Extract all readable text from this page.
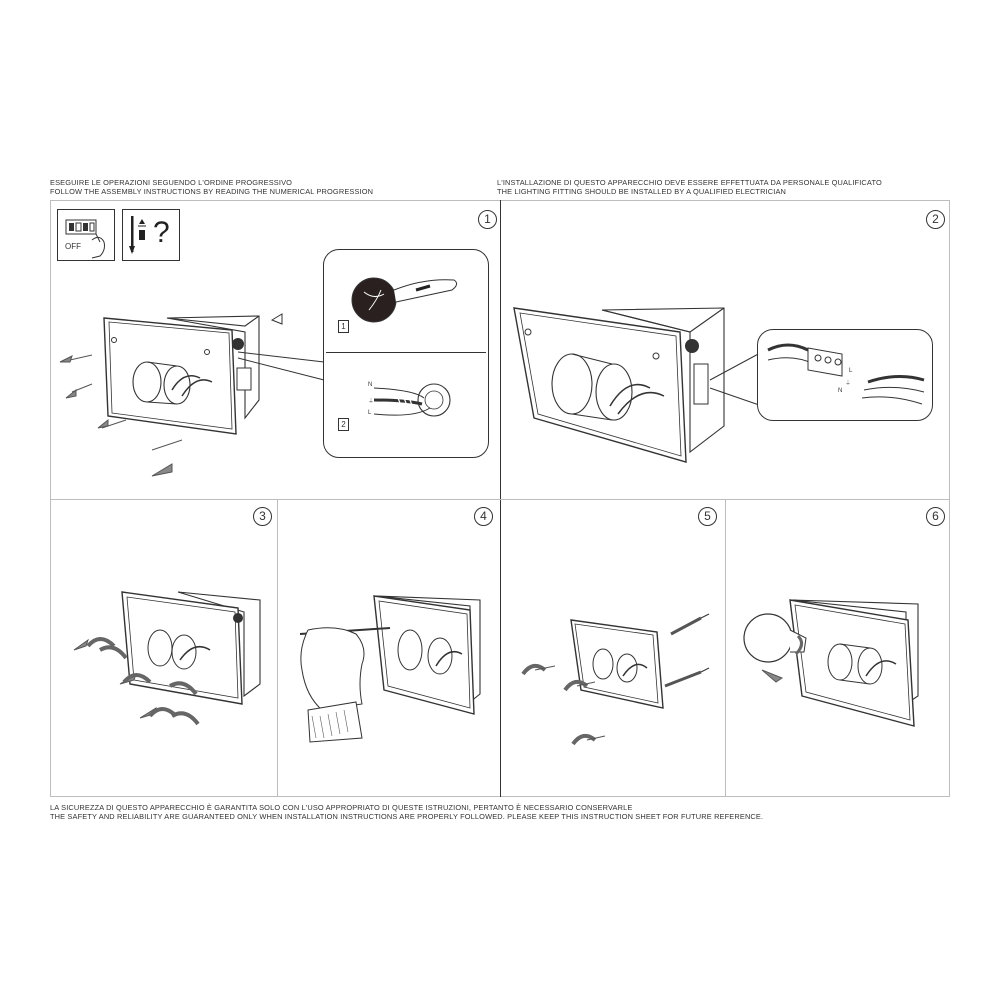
ESEGUIRE LE OPERAZIONI SEGUENDO L'ORDINE PROGRESSIVO
FOLLOW THE ASSEMBLY INSTRUCTIONS BY READING THE NUMERICAL PROGRESSION
L'INSTALLAZIONE DI QUESTO APPARECCHIO DEVE ESSERE EFFETTUATA DA PERSONALE QUALIFICATO
THE LIGHTING FITTING SHOULD BE INSTALLED BY A QUALIFIED ELECTRICIAN
1	2
3	4	5	6
OFF ?
1
2
N
⏚
L
L
⏚
N
LA SICUREZZA DI QUESTO APPARECCHIO È GARANTITA SOLO CON L'USO APPROPRIATO DI QUESTE ISTRUZIONI, PERTANTO È NECESSARIO CONSERVARLE
THE SAFETY AND RELIABILITY ARE GUARANTEED ONLY WHEN INSTALLATION INSTRUCTIONS ARE PROPERLY FOLLOWED. PLEASE KEEP THIS INSTRUCTION SHEET FOR FUTURE REFERENCE.
